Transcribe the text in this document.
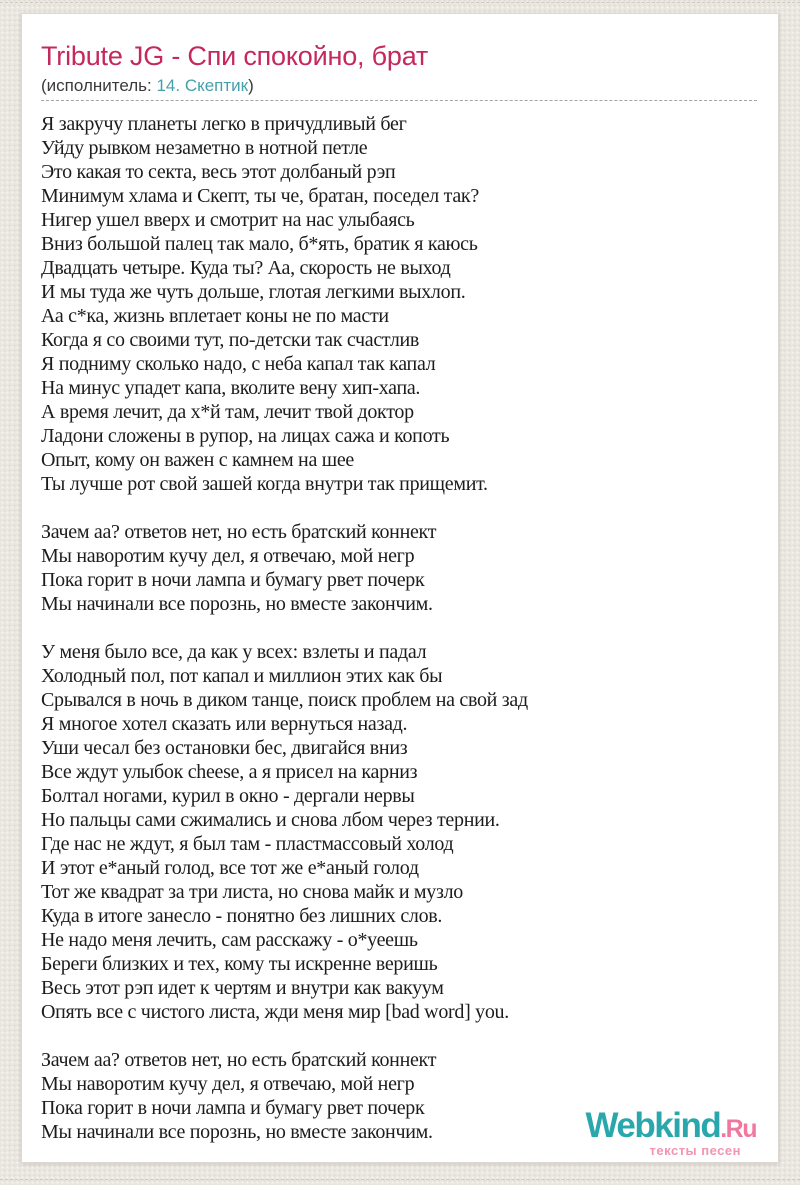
Tribute JG - Спи спокойно, брат
(исполнитель: 14. Скептик)
Я закручу планеты легко в причудливый бег
Уйду рывком незаметно в нотной петле
Это какая то секта, весь этот долбаный рэп
Минимум хлама и Скепт, ты че, братан, поседел так?
Нигер ушел вверх и смотрит на нас улыбаясь
Вниз большой палец так мало, б*ять, братик я каюсь
Двадцать четыре. Куда ты? Аа, скорость не выход
И мы туда же чуть дольше, глотая легкими выхлоп.
Аа с*ка, жизнь вплетает коны не по масти
Когда я со своими тут, по-детски так счастлив
Я подниму сколько надо, с неба капал так капал
На минус упадет капа, вколите вену хип-хапа.
А время лечит, да х*й там, лечит твой доктор
Ладони сложены в рупор, на лицах сажа и копоть
Опыт, кому он важен с камнем на шее
Ты лучше рот свой зашей когда внутри так прищемит.
Зачем аа? ответов нет, но есть братский коннект
Мы наворотим кучу дел, я отвечаю, мой негр
Пока горит в ночи лампа и бумагу рвет почерк
Мы начинали все порознь, но вместе закончим.
У меня было все, да как у всех: взлеты и падал
Холодный пол, пот капал и миллион этих как бы
Срывался в ночь в диком танце, поиск проблем на свой зад
Я многое хотел сказать или вернуться назад.
Уши чесал без остановки бес, двигайся вниз
Все ждут улыбок cheese, а я присел на карниз
Болтал ногами, курил в окно - дергали нервы
Но пальцы сами сжимались и снова лбом через тернии.
Где нас не ждут, я был там - пластмассовый холод
И этот е*аный голод, все тот же е*аный голод
Тот же квадрат за три листа, но снова майк и музло
Куда в итоге занесло - понятно без лишних слов.
Не надо меня лечить, сам расскажу - о*уеешь
Береги близких и тех, кому ты искренне веришь
Весь этот рэп идет к чертям и внутри как вакуум
Опять все с чистого листа, жди меня мир [bad word] you.
Зачем аа? ответов нет, но есть братский коннект
Мы наворотим кучу дел, я отвечаю, мой негр
Пока горит в ночи лампа и бумагу рвет почерк
Мы начинали все порознь, но вместе закончим.	Webkind.Ru
тексты песен
